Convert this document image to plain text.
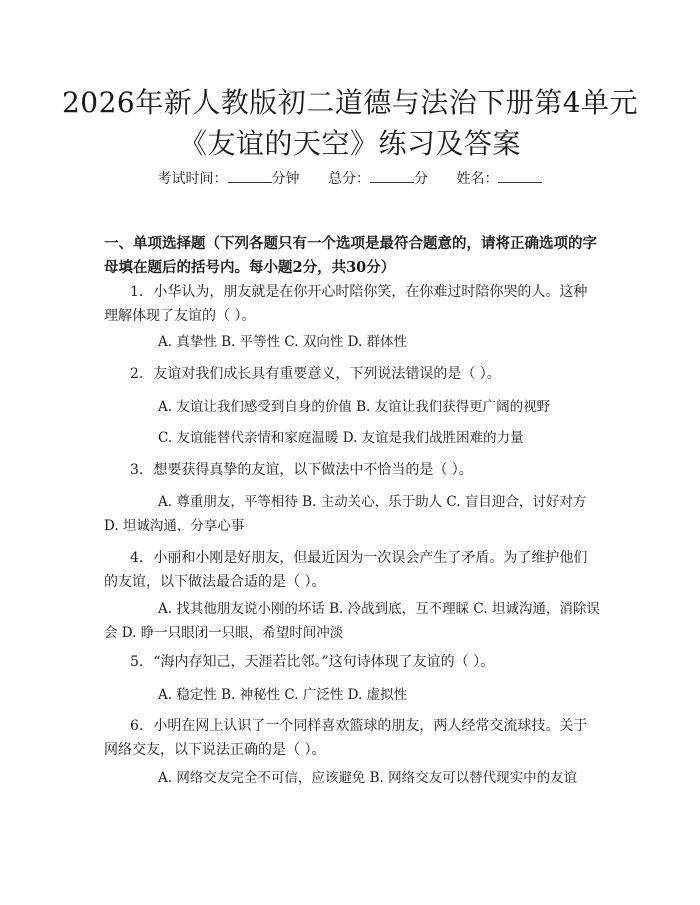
2026年新人教版初二道德与法治下册第4单元《友谊的天空》练习及答案
考试时间：	分钟 总分：	分 姓名：
一、单项选择题（下列各题只有一个选项是最符合题意的，请将正确选项的字母填在题后的括号内。每小题2分，共30分）
1. 小华认为，朋友就是在你开心时陪你笑，在你难过时陪你哭的人。这种理解体现了友谊的（ ）。
A. 真挚性 B. 平等性 C. 双向性 D. 群体性
2. 友谊对我们成长具有重要意义，下列说法错误的是（ ）。
A. 友谊让我们感受到自身的价值 B. 友谊让我们获得更广阔的视野
C. 友谊能替代亲情和家庭温暖 D. 友谊是我们战胜困难的力量
3. 想要获得真挚的友谊，以下做法中不恰当的是（ ）。
A. 尊重朋友，平等相待 B. 主动关心，乐于助人 C. 盲目迎合，讨好对方 D. 坦诚沟通，分享心事
4. 小丽和小刚是好朋友，但最近因为一次误会产生了矛盾。为了维护他们的友谊，以下做法最合适的是（ ）。
A. 找其他朋友说小刚的坏话 B. 冷战到底，互不理睬 C. 坦诚沟通，消除误会 D. 睁一只眼闭一只眼，希望时间冲淡
5. “海内存知己，天涯若比邻。”这句诗体现了友谊的（ ）。
A. 稳定性 B. 神秘性 C. 广泛性 D. 虚拟性
6. 小明在网上认识了一个同样喜欢篮球的朋友，两人经常交流球技。关于网络交友，以下说法正确的是（ ）。
A. 网络交友完全不可信，应该避免 B. 网络交友可以替代现实中的友谊
